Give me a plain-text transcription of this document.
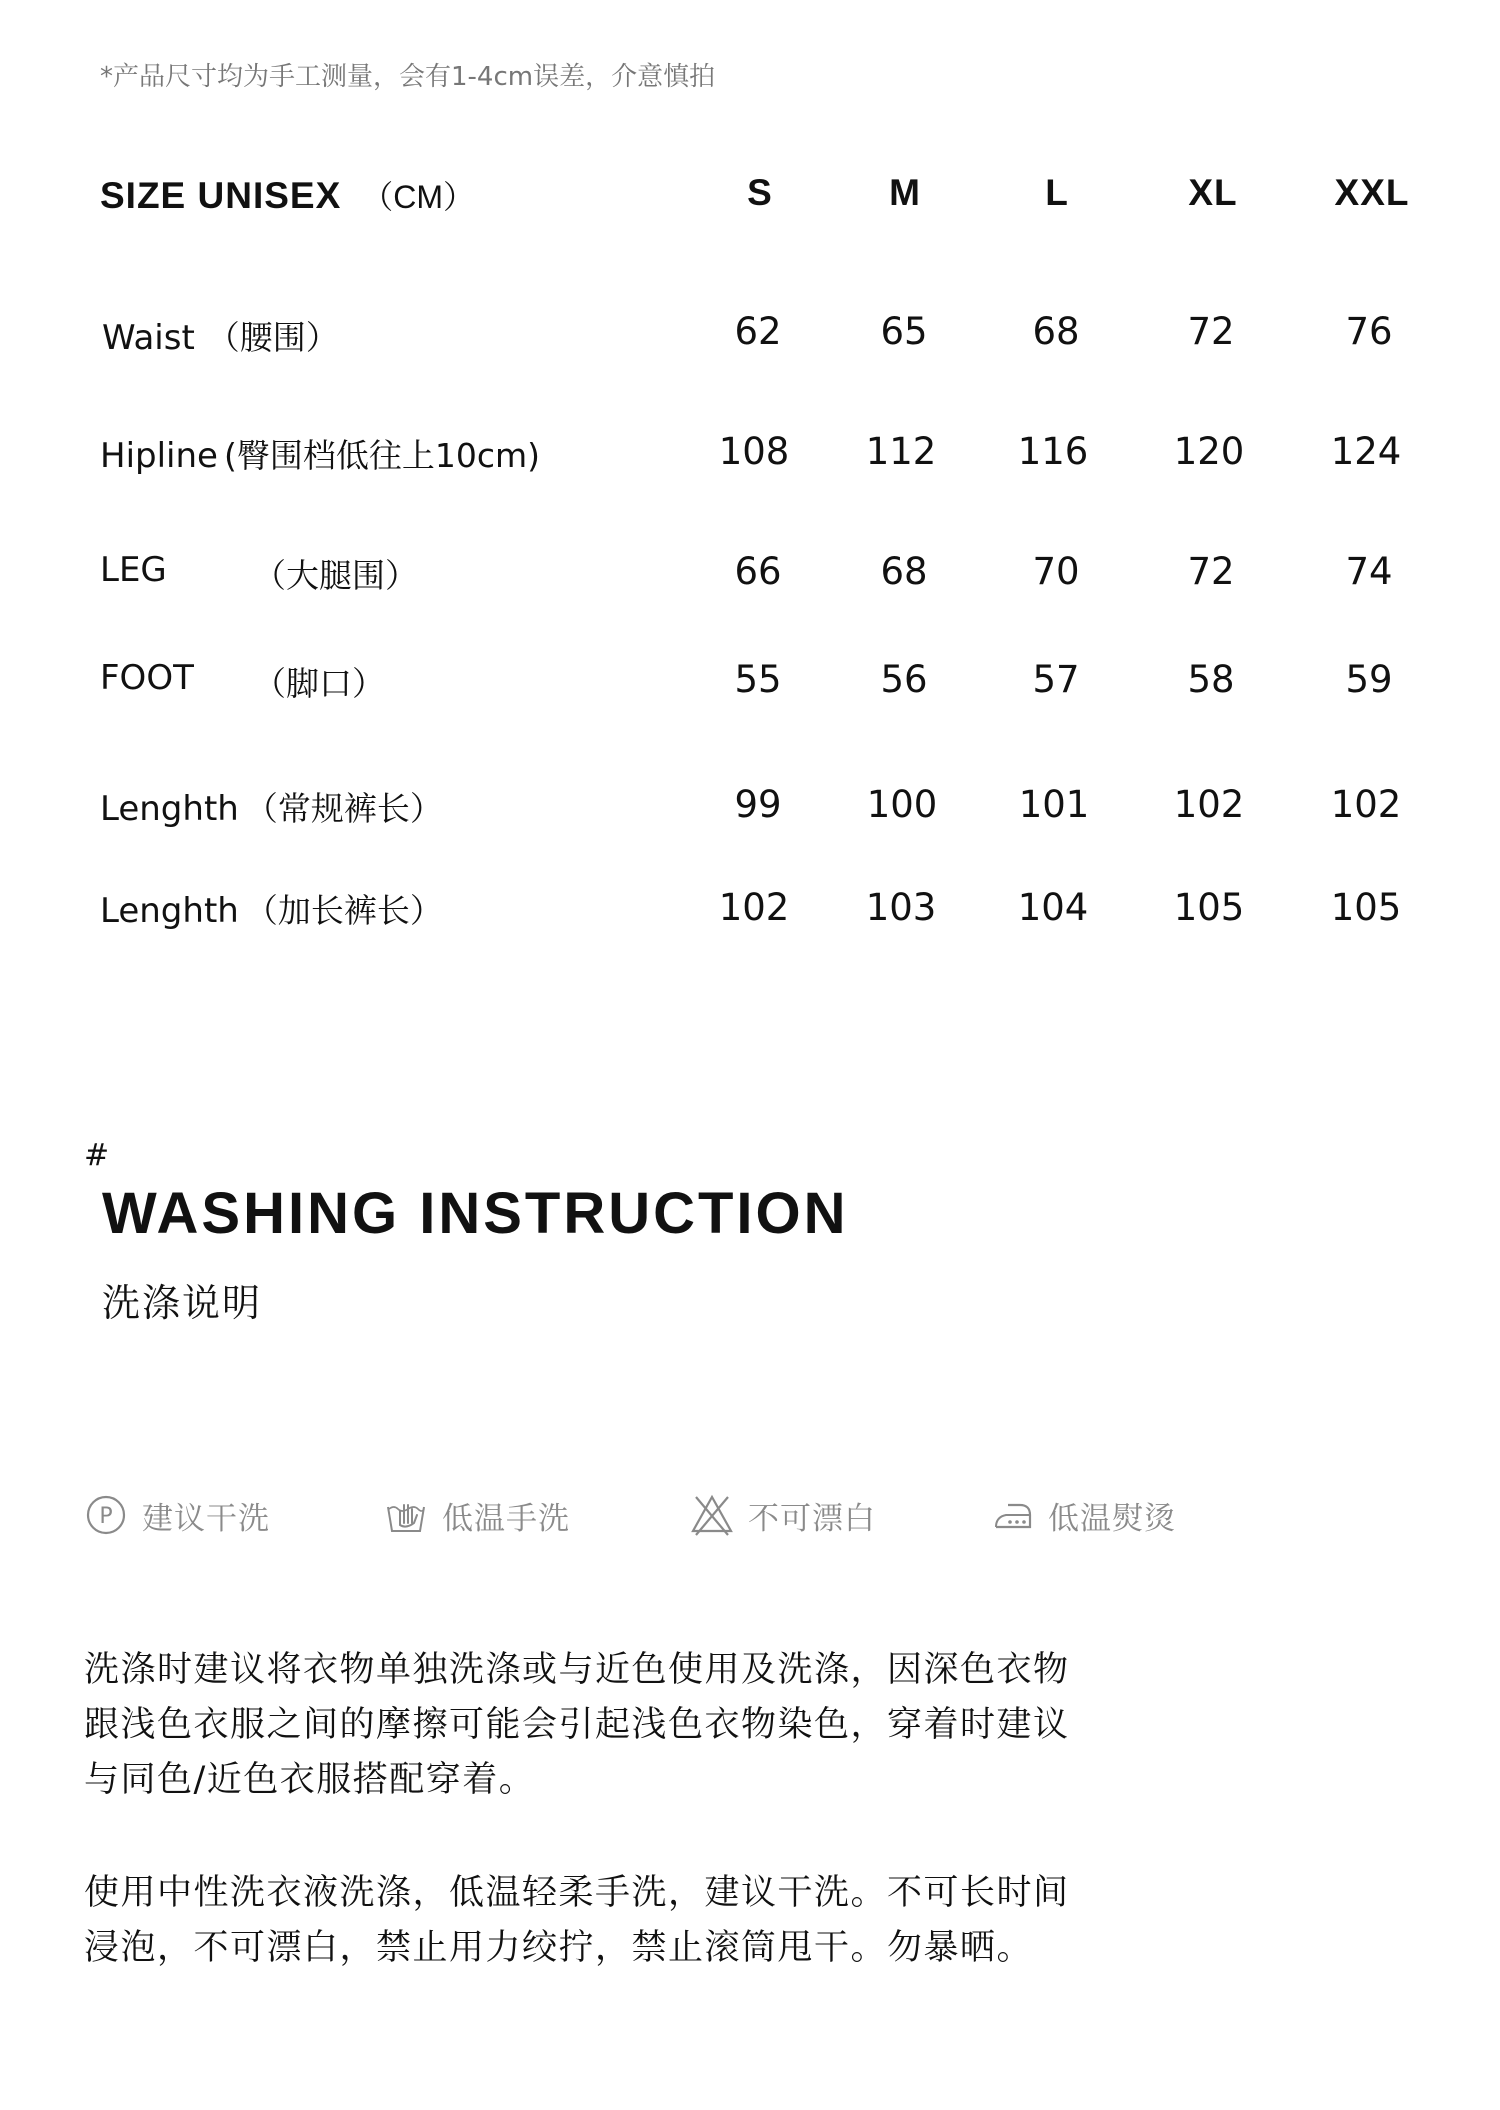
*产品尺寸均为手工测量，会有1-4cm误差，介意慎拍
SIZE UNISEX （CM）	S	M	L	XL	XXL
Waist （腰围）	62	65	68	72	76
Hipline (臀围档低往上10cm)	108	112	116	120	124
LEG	（大腿围）	66	68	70	72	74
FOOT （脚口）	55	56	57	58	59
Lenghth （常规裤长）	99	100	101	102	102
Lenghth （加长裤长）	102	103	104	105	105
#
WASHING INSTRUCTION
洗涤说明
P 建议干洗	低温手洗	不可漂白	低温熨烫
洗涤时建议将衣物单独洗涤或与近色使用及洗涤，因深色衣物
跟浅色衣服之间的摩擦可能会引起浅色衣物染色，穿着时建议
与同色/近色衣服搭配穿着。
使用中性洗衣液洗涤，低温轻柔手洗，建议干洗。不可长时间
浸泡，不可漂白，禁止用力绞拧，禁止滚筒甩干。勿暴晒。
